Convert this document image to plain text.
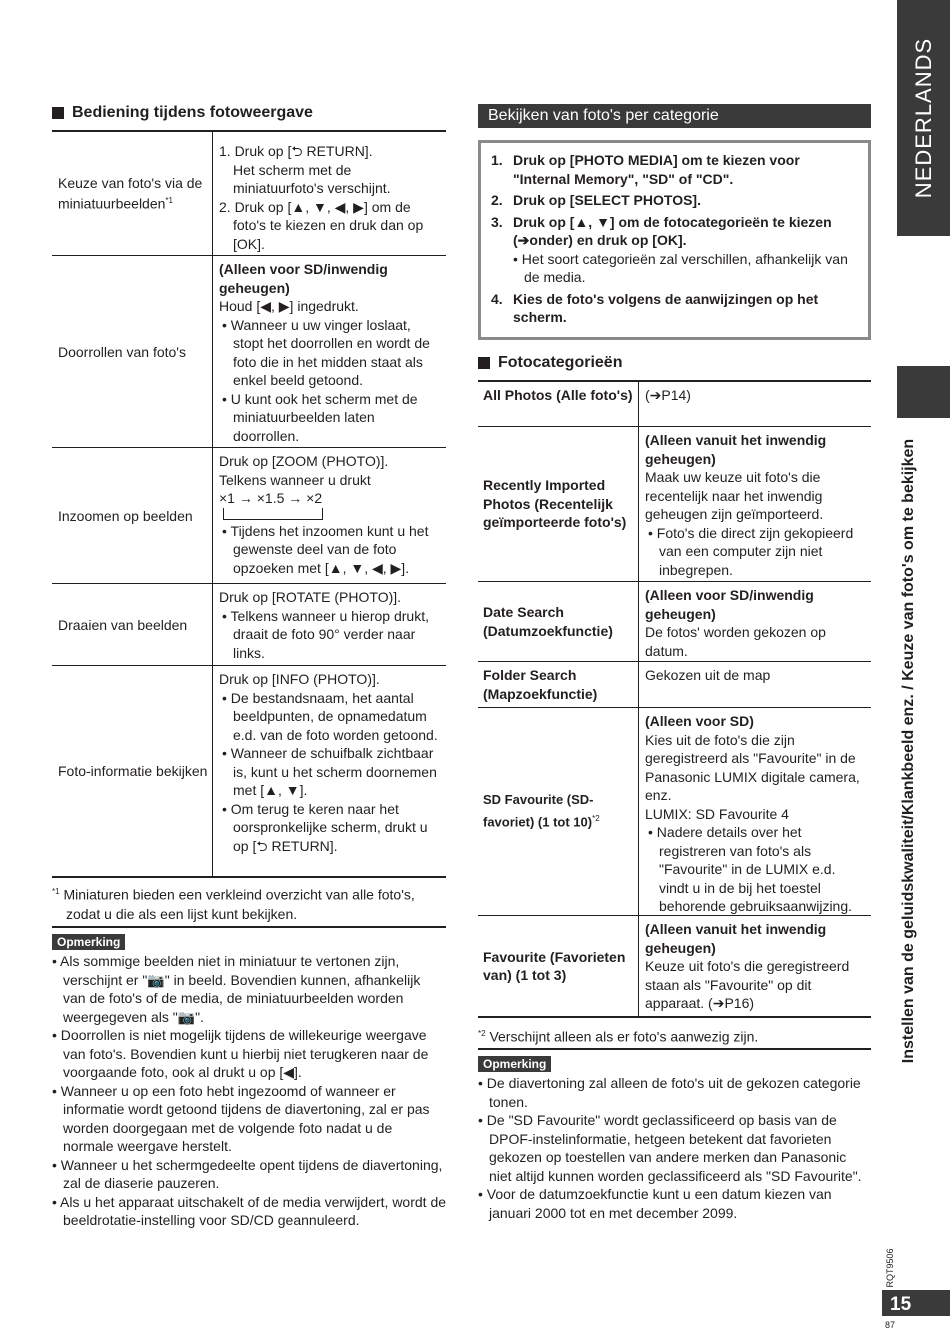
NEDERLANDS
Instellen van de geluidskwaliteit/Klankbeeld enz. / Keuze van foto's om te bekijken
RQT9506
15
87
Bediening tijdens fotoweergave
Keuze van foto's via de miniatuurbeelden$^{*1}$
1. Druk op [⮌ RETURN].
Het scherm met de miniatuurfoto's verschijnt.
2. Druk op [▲, ▼, ◀, ▶] om de foto's te kiezen en druk dan op [OK].
Doorrollen van foto's
(Alleen voor SD/inwendig geheugen)
Houd [◀, ▶] ingedrukt.
• Wanneer u uw vinger loslaat, stopt het doorrollen en wordt de foto die in het midden staat als enkel beeld getoond.
• U kunt ook het scherm met de miniatuurbeelden laten doorrollen.
Inzoomen op beelden
Druk op [ZOOM (PHOTO)].
Telkens wanneer u drukt
×1 → ×1.5 → ×2
• Tijdens het inzoomen kunt u het gewenste deel van de foto opzoeken met [▲, ▼, ◀, ▶].
Draaien van beelden
Druk op [ROTATE (PHOTO)].
• Telkens wanneer u hierop drukt, draait de foto 90° verder naar links.
Foto-informatie bekijken
Druk op [INFO (PHOTO)].
• De bestandsnaam, het aantal beeldpunten, de opnamedatum e.d. van de foto worden getoond.
• Wanneer de schuifbalk zichtbaar is, kunt u het scherm doornemen met [▲, ▼].
• Om terug te keren naar het oorspronkelijke scherm, drukt u op [⮌ RETURN].
$^{*1}$ Miniaturen bieden een verkleind overzicht van alle foto's, zodat u die als een lijst kunt bekijken.
Opmerking
• Als sommige beelden niet in miniatuur te vertonen zijn, verschijnt er "📷" in beeld. Bovendien kunnen, afhankelijk van de foto's of de media, de miniatuurbeelden worden weergegeven als "📷".
• Doorrollen is niet mogelijk tijdens de willekeurige weergave van foto's. Bovendien kunt u hierbij niet terugkeren naar de voorgaande foto, ook al drukt u op [◀].
• Wanneer u op een foto hebt ingezoomd of wanneer er informatie wordt getoond tijdens de diavertoning, zal er pas worden doorgegaan met de volgende foto nadat u de normale weergave herstelt.
• Wanneer u het schermgedeelte opent tijdens de diavertoning, zal de diaserie pauzeren.
• Als u het apparaat uitschakelt of de media verwijdert, wordt de beeldrotatie-instelling voor SD/CD geannuleerd.
Bekijken van foto's per categorie
1. Druk op [PHOTO MEDIA] om te kiezen voor "Internal Memory", "SD" of "CD".
2. Druk op [SELECT PHOTOS].
3. Druk op [▲, ▼] om de fotocategorieën te kiezen (➔onder) en druk op [OK].

• Het soort categorieën zal verschillen, afhankelijk van de media.
4. Kies de foto's volgens de aanwijzingen op het scherm.
Fotocategorieën
All Photos (Alle foto's) (➔P14)
Recently Imported Photos (Recentelijk geïmporteerde foto's)
(Alleen vanuit het inwendig geheugen)
Maak uw keuze uit foto's die recentelijk naar het inwendig geheugen zijn geïmporteerd.
• Foto's die direct zijn gekopieerd van een computer zijn niet inbegrepen.
Date Search (Datumzoekfunctie)
(Alleen voor SD/inwendig geheugen)
De fotos' worden gekozen op datum.
Folder Search (Mapzoekfunctie)
Gekozen uit de map
SD Favourite (SD-favoriet) (1 tot 10)$^{*2}$
(Alleen voor SD)
Kies uit de foto's die zijn geregistreerd als "Favourite" in de Panasonic LUMIX digitale camera, enz.
LUMIX: SD Favourite 4
• Nadere details over het registreren van foto's als "Favourite" in de LUMIX e.d. vindt u in de bij het toestel behorende gebruiksaanwijzing.
Favourite (Favorieten van) (1 tot 3)
(Alleen vanuit het inwendig geheugen)
Keuze uit foto's die geregistreerd staan als "Favourite" op dit apparaat. (➔P16)
$^{*2}$ Verschijnt alleen als er foto's aanwezig zijn.
Opmerking
• De diavertoning zal alleen de foto's uit de gekozen categorie tonen.
• De "SD Favourite" wordt geclassificeerd op basis van de DPOF-instelinformatie, hetgeen betekent dat favorieten gekozen op toestellen van andere merken dan Panasonic niet altijd kunnen worden geclassificeerd als "SD Favourite".
• Voor de datumzoekfunctie kunt u een datum kiezen van januari 2000 tot en met december 2099.
